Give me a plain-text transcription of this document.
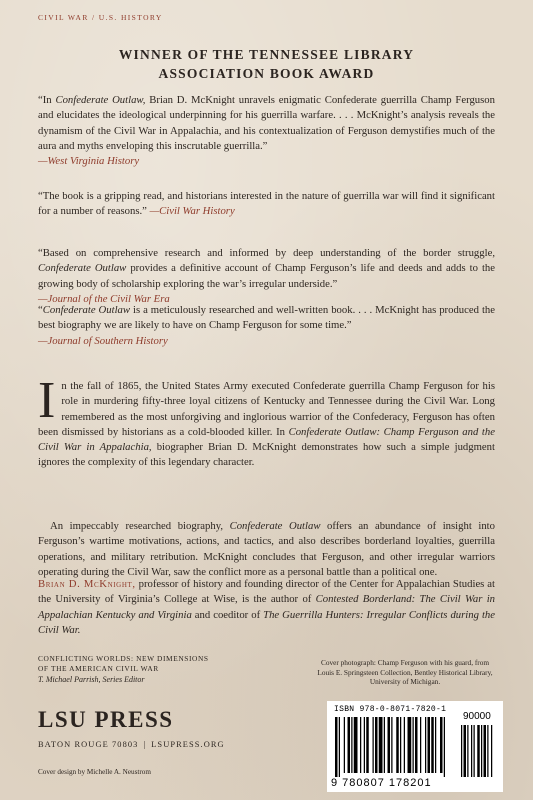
CIVIL WAR / U.S. HISTORY
WINNER OF THE TENNESSEE LIBRARY
ASSOCIATION BOOK AWARD
“In Confederate Outlaw, Brian D. McKnight unravels enigmatic Confederate guerrilla Champ Ferguson and elucidates the ideological underpinning for his guerrilla warfare. . . . McKnight’s analysis reveals the dynamism of the Civil War in Appalachia, and his contextualization of Ferguson demystifies much of the aura and myths enveloping this inscrutable guerrilla.”
—West Virginia History
“The book is a gripping read, and historians interested in the nature of guerrilla war will find it significant for a number of reasons.” —Civil War History
“Based on comprehensive research and informed by deep understanding of the border struggle, Confederate Outlaw provides a definitive account of Champ Ferguson’s life and deeds and adds to the growing body of scholarship exploring the war’s irregular underside.”
—Journal of the Civil War Era
“Confederate Outlaw is a meticulously researched and well-written book. . . . McKnight has produced the best biography we are likely to have on Champ Ferguson for some time.”
—Journal of Southern History
In the fall of 1865, the United States Army executed Confederate guerrilla Champ Ferguson for his role in murdering fifty-three loyal citizens of Kentucky and Tennessee during the Civil War. Long remembered as the most unforgiving and inglorious warrior of the Confederacy, Ferguson has often been dismissed by historians as a cold-blooded killer. In Confederate Outlaw: Champ Ferguson and the Civil War in Appalachia, biographer Brian D. McKnight demonstrates how such a simple judgment ignores the complexity of this legendary character.
An impeccably researched biography, Confederate Outlaw offers an abundance of insight into Ferguson’s wartime motivations, actions, and tactics, and also describes borderland loyalties, guerrilla operations, and military retribution. McKnight concludes that Ferguson, and other irregular warriors operating during the Civil War, saw the conflict more as a personal battle than a political one.
Brian D. McKnight, professor of history and founding director of the Center for Appalachian Studies at the University of Virginia’s College at Wise, is the author of Contested Borderland: The Civil War in Appalachian Kentucky and Virginia and coeditor of The Guerrilla Hunters: Irregular Conflicts during the Civil War.
CONFLICTING WORLDS: NEW DIMENSIONS
OF THE AMERICAN CIVIL WAR
T. Michael Parrish, Series Editor
Cover photograph: Champ Ferguson with his guard, from
Louis E. Springsteen Collection, Bentley Historical Library,
University of Michigan.
LSU PRESS
BATON ROUGE 70803 | LSUPRESS.ORG
Cover design by Michelle A. Neustrom
ISBN 978-0-8071-7820-1
90000
9 780807 178201
